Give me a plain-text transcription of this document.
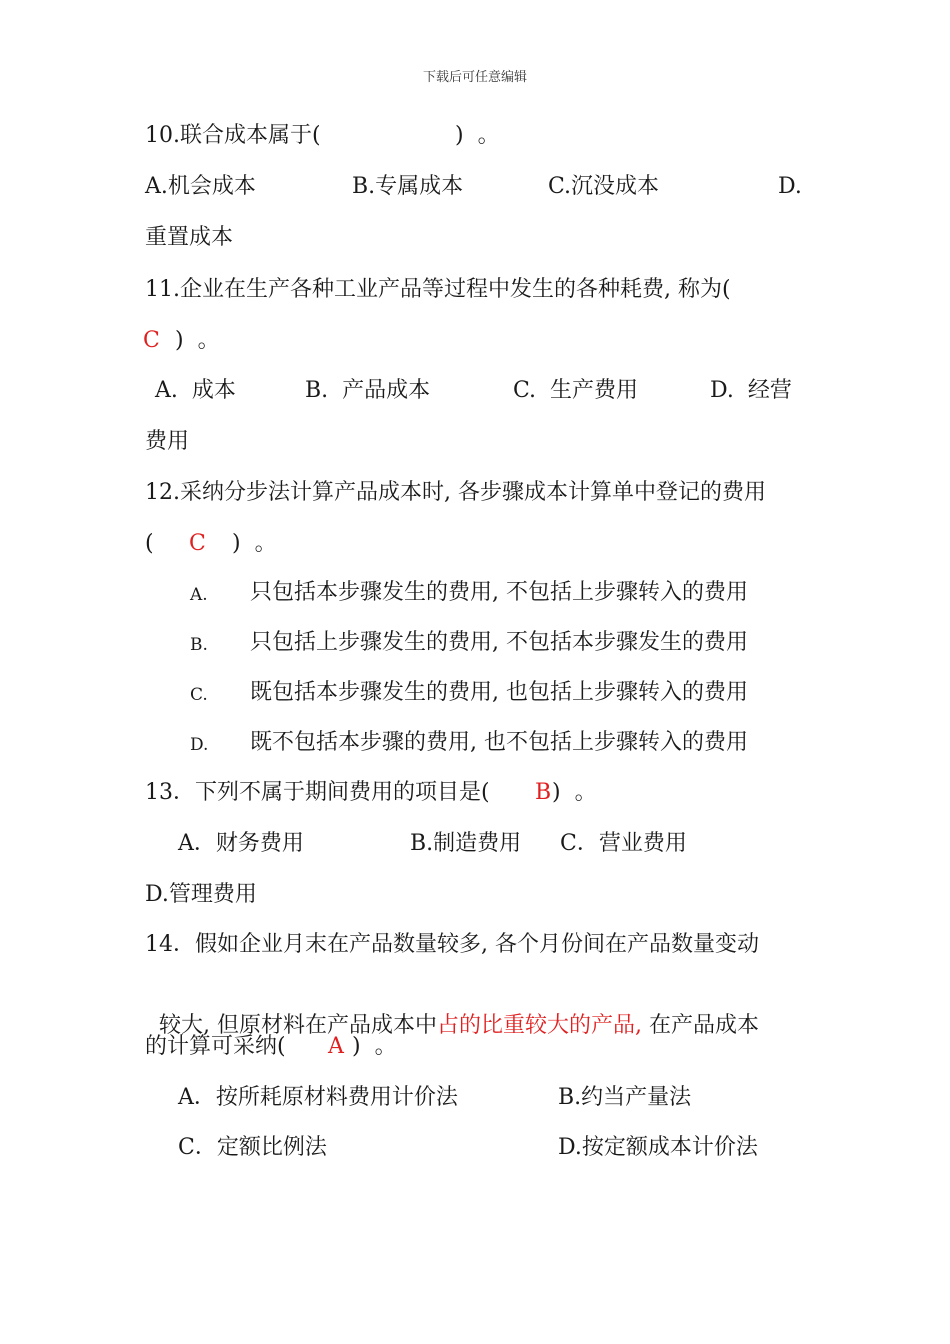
下载后可任意编辑
10.联合成本属于(	)  。
A.机会成本	B.专属成本	C.沉没成本	D.
重置成本
11.企业在生产各种工业产品等过程中发生的各种耗费, 称为(
C )  。
A.  成本	B.  产品成本	C.  生产费用	D.  经营
费用
12.采纳分步法计算产品成本时, 各步骤成本计算单中登记的费用
( C )  。
A. 只包括本步骤发生的费用, 不包括上步骤转入的费用
B. 只包括上步骤发生的费用, 不包括本步骤发生的费用
C. 既包括本步骤发生的费用, 也包括上步骤转入的费用
D. 既不包括本步骤的费用, 也不包括上步骤转入的费用
13．下列不属于期间费用的项目是( B )  。
A．财务费用	B.制造费用 C．营业费用
D.管理费用
14．假如企业月末在产品数量较多, 各个月份间在产品数量变动

较大, 但原材料在产品成本中占的比重较大的产品, 在产品成本

的计算可采纳( A )  。
A．按所耗原材料费用计价法	B.约当产量法
C．定额比例法	D.按定额成本计价法
